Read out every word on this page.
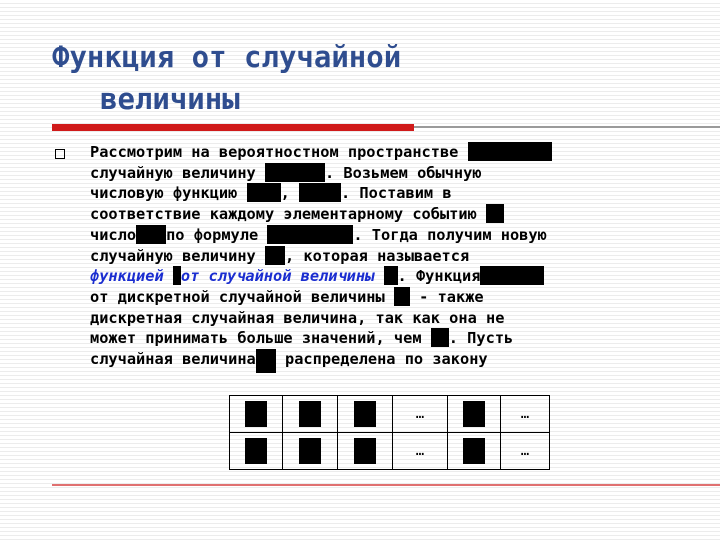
Функция от случайной
величины

Рассмотрим на вероятностном пространстве

случайную величину	. Возьмем обычную

числовую функцию	,	. Поставим в

соответствие каждому элементарному событию

число по формуле	. Тогда получим новую

случайную величину , которая называется

функцией от случайной величины . Функция

от дискретной случайной величины - также

дискретная случайная величина, так как она не

может принимать больше значений, чем . Пусть

случайная величина распределена по закону

			…		…
			…		…
